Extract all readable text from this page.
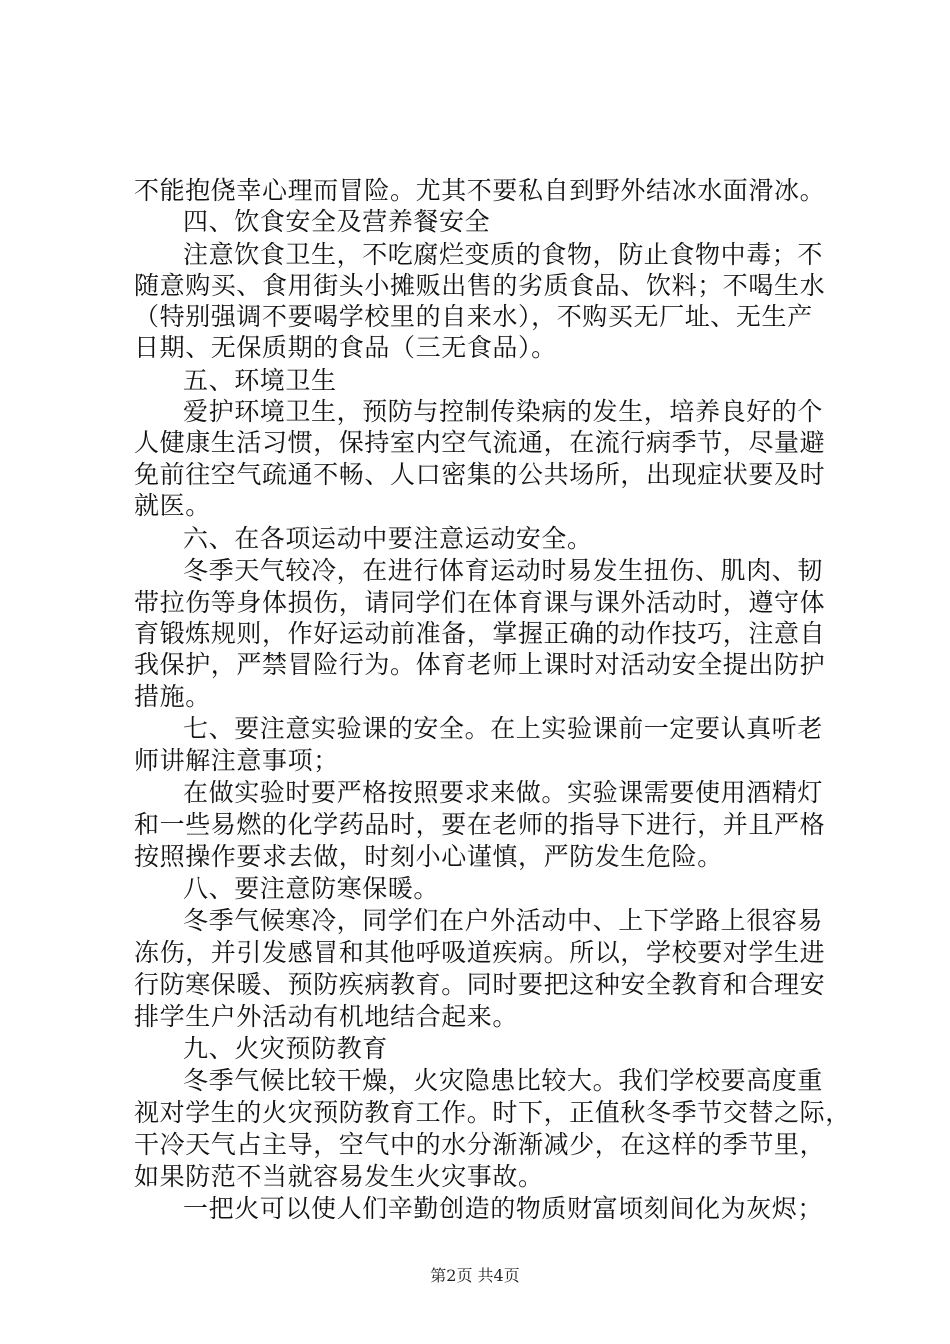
不能抱侥幸心理而冒险。尤其不要私自到野外结冰水面滑冰。
四、饮食安全及营养餐安全
注意饮食卫生，不吃腐烂变质的食物，防止食物中毒；不
随意购买、食用街头小摊贩出售的劣质食品、饮料；不喝生水
（特别强调不要喝学校里的自来水），不购买无厂址、无生产
日期、无保质期的食品（三无食品）。
五、环境卫生
爱护环境卫生，预防与控制传染病的发生，培养良好的个
人健康生活习惯，保持室内空气流通，在流行病季节，尽量避
免前往空气疏通不畅、人口密集的公共场所，出现症状要及时
就医。
六、在各项运动中要注意运动安全。
冬季天气较冷，在进行体育运动时易发生扭伤、肌肉、韧
带拉伤等身体损伤，请同学们在体育课与课外活动时，遵守体
育锻炼规则，作好运动前准备，掌握正确的动作技巧，注意自
我保护，严禁冒险行为。体育老师上课时对活动安全提出防护
措施。
七、要注意实验课的安全。在上实验课前一定要认真听老
师讲解注意事项；
在做实验时要严格按照要求来做。实验课需要使用酒精灯
和一些易燃的化学药品时，要在老师的指导下进行，并且严格
按照操作要求去做，时刻小心谨慎，严防发生危险。
八、要注意防寒保暖。
冬季气候寒冷，同学们在户外活动中、上下学路上很容易
冻伤，并引发感冒和其他呼吸道疾病。所以，学校要对学生进
行防寒保暖、预防疾病教育。同时要把这种安全教育和合理安
排学生户外活动有机地结合起来。
九、火灾预防教育
冬季气候比较干燥，火灾隐患比较大。我们学校要高度重
视对学生的火灾预防教育工作。时下，正值秋冬季节交替之际，
干冷天气占主导，空气中的水分渐渐减少，在这样的季节里，
如果防范不当就容易发生火灾事故。
一把火可以使人们辛勤创造的物质财富顷刻间化为灰烬；
第2页 共4页
